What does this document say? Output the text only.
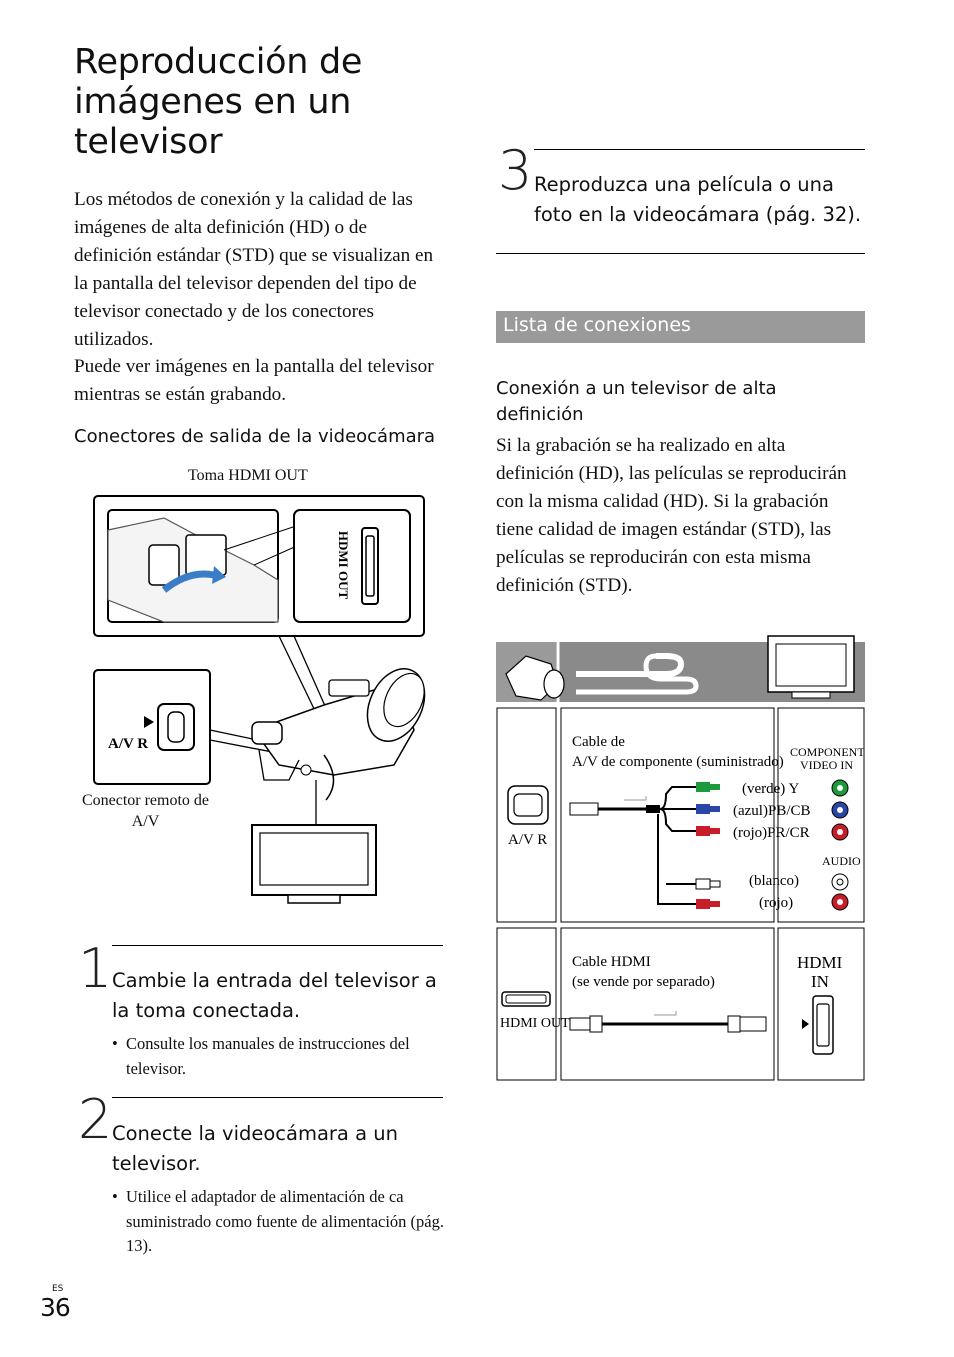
Reproducción de imágenes en un televisor

Los métodos de conexión y la calidad de las imágenes de alta definición (HD) o de definición estándar (STD) que se visualizan en la pantalla del televisor dependen del tipo de televisor conectado y de los conectores utilizados.

Puede ver imágenes en la pantalla del televisor mientras se están grabando.

Conectores de salida de la videocámara
Toma HDMI OUT
HDMI OUT
A/V R
Conector remoto de A/V
1 Cambie la entrada del televisor a la toma conectada.
• Consulte los manuales de instrucciones del televisor.
2 Conecte la videocámara a un televisor.
• Utilice el adaptador de alimentación de ca suministrado como fuente de alimentación (pág. 13).
3 Reproduzca una película o una foto en la videocámara (pág. 32).
Lista de conexiones
Conexión a un televisor de alta definición
Si la grabación se ha realizado en alta definición (HD), las películas se reproducirán con la misma calidad (HD). Si la grabación tiene calidad de imagen estándar (STD), las películas se reproducirán con esta misma definición (STD).
A/V R
Cable de A/V de componente (suministrado)
(verde) Y
(azul)PB/CB
(rojo)PR/CR
(blanco)
(rojo)
COMPONENT
VIDEO IN
AUDIO
HDMI OUT
Cable HDMI
(se vende por separado)
HDMI
IN
ES
36
